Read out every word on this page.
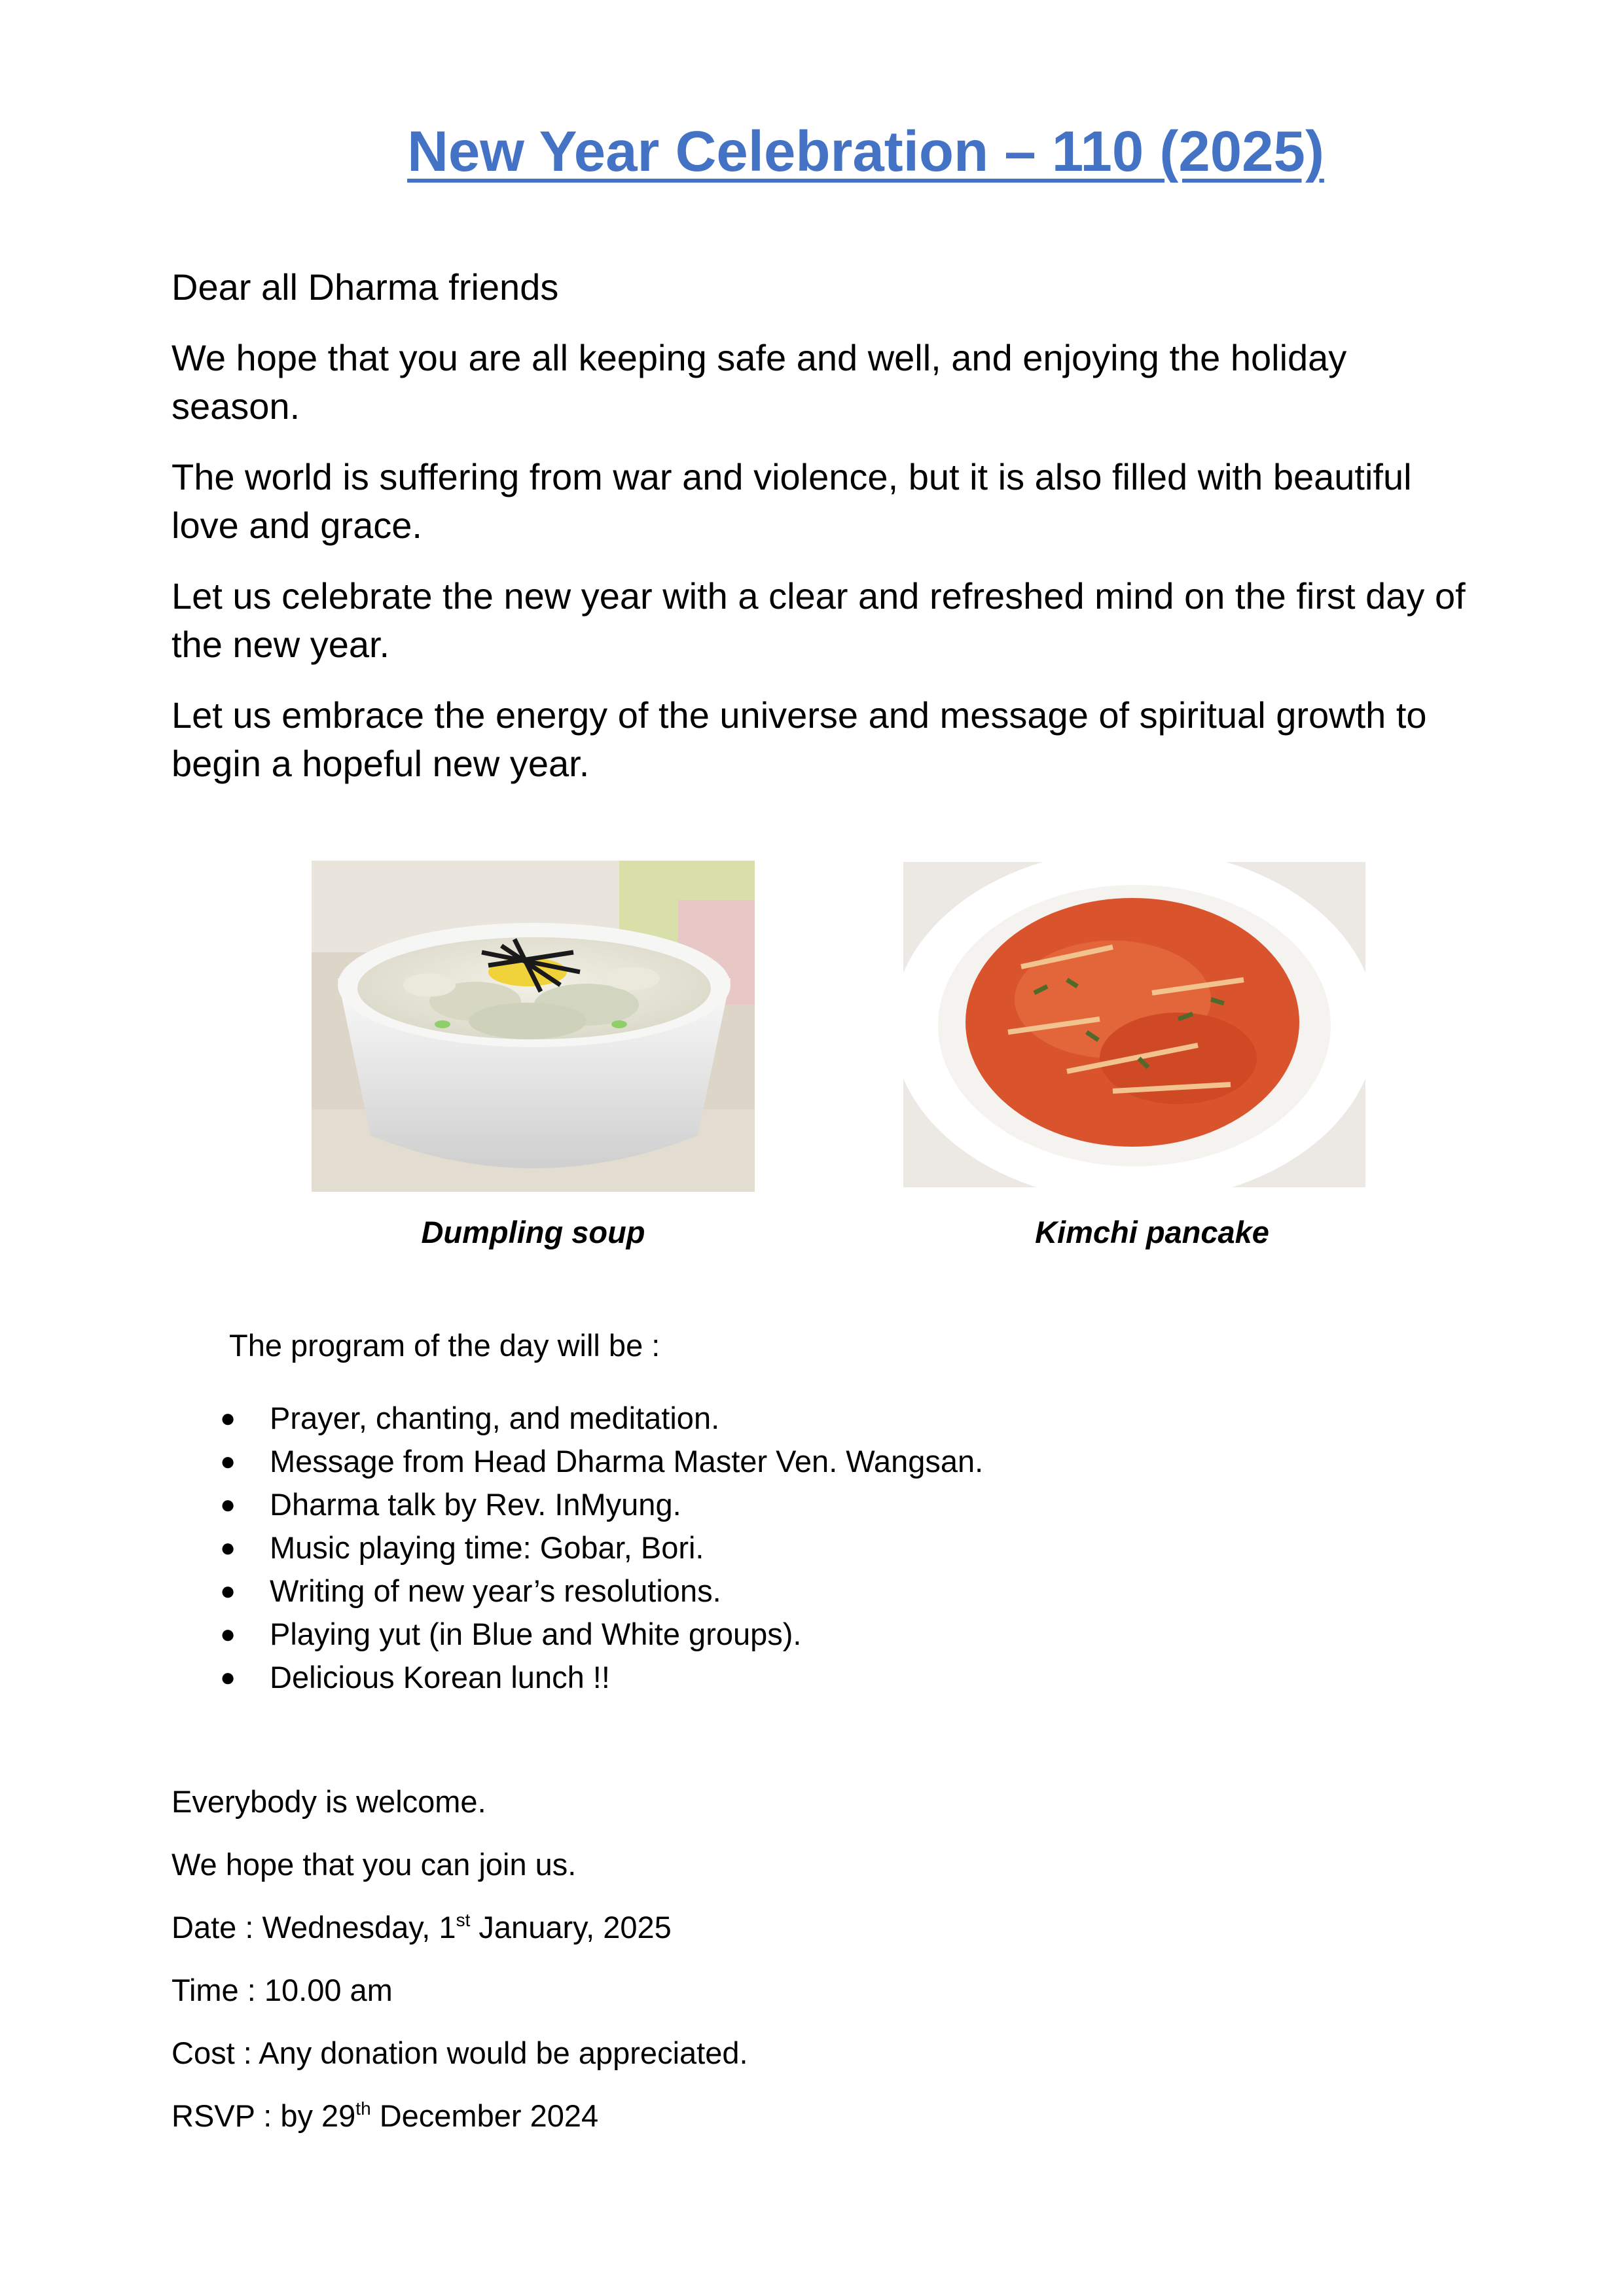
New Year Celebration – 110 (2025)

Dear all Dharma friends

We hope that you are all keeping safe and well, and enjoying the holiday season.

The world is suffering from war and violence, but it is also filled with beautiful love and grace.

Let us celebrate the new year with a clear and refreshed mind on the first day of the new year.

Let us embrace the energy of the universe and message of spiritual growth to begin a hopeful new year.

Dumpling soup	Kimchi pancake
The program of the day will be :
● Prayer, chanting, and meditation.
● Message from Head Dharma Master Ven. Wangsan.
● Dharma talk by Rev. InMyung.
● Music playing time: Gobar, Bori.
● Writing of new year’s resolutions.
● Playing yut (in Blue and White groups).
● Delicious Korean lunch !!
Everybody is welcome.
We hope that you can join us.
Date : Wednesday, 1st January, 2025
Time : 10.00 am
Cost : Any donation would be appreciated.
RSVP : by 29th December 2024
